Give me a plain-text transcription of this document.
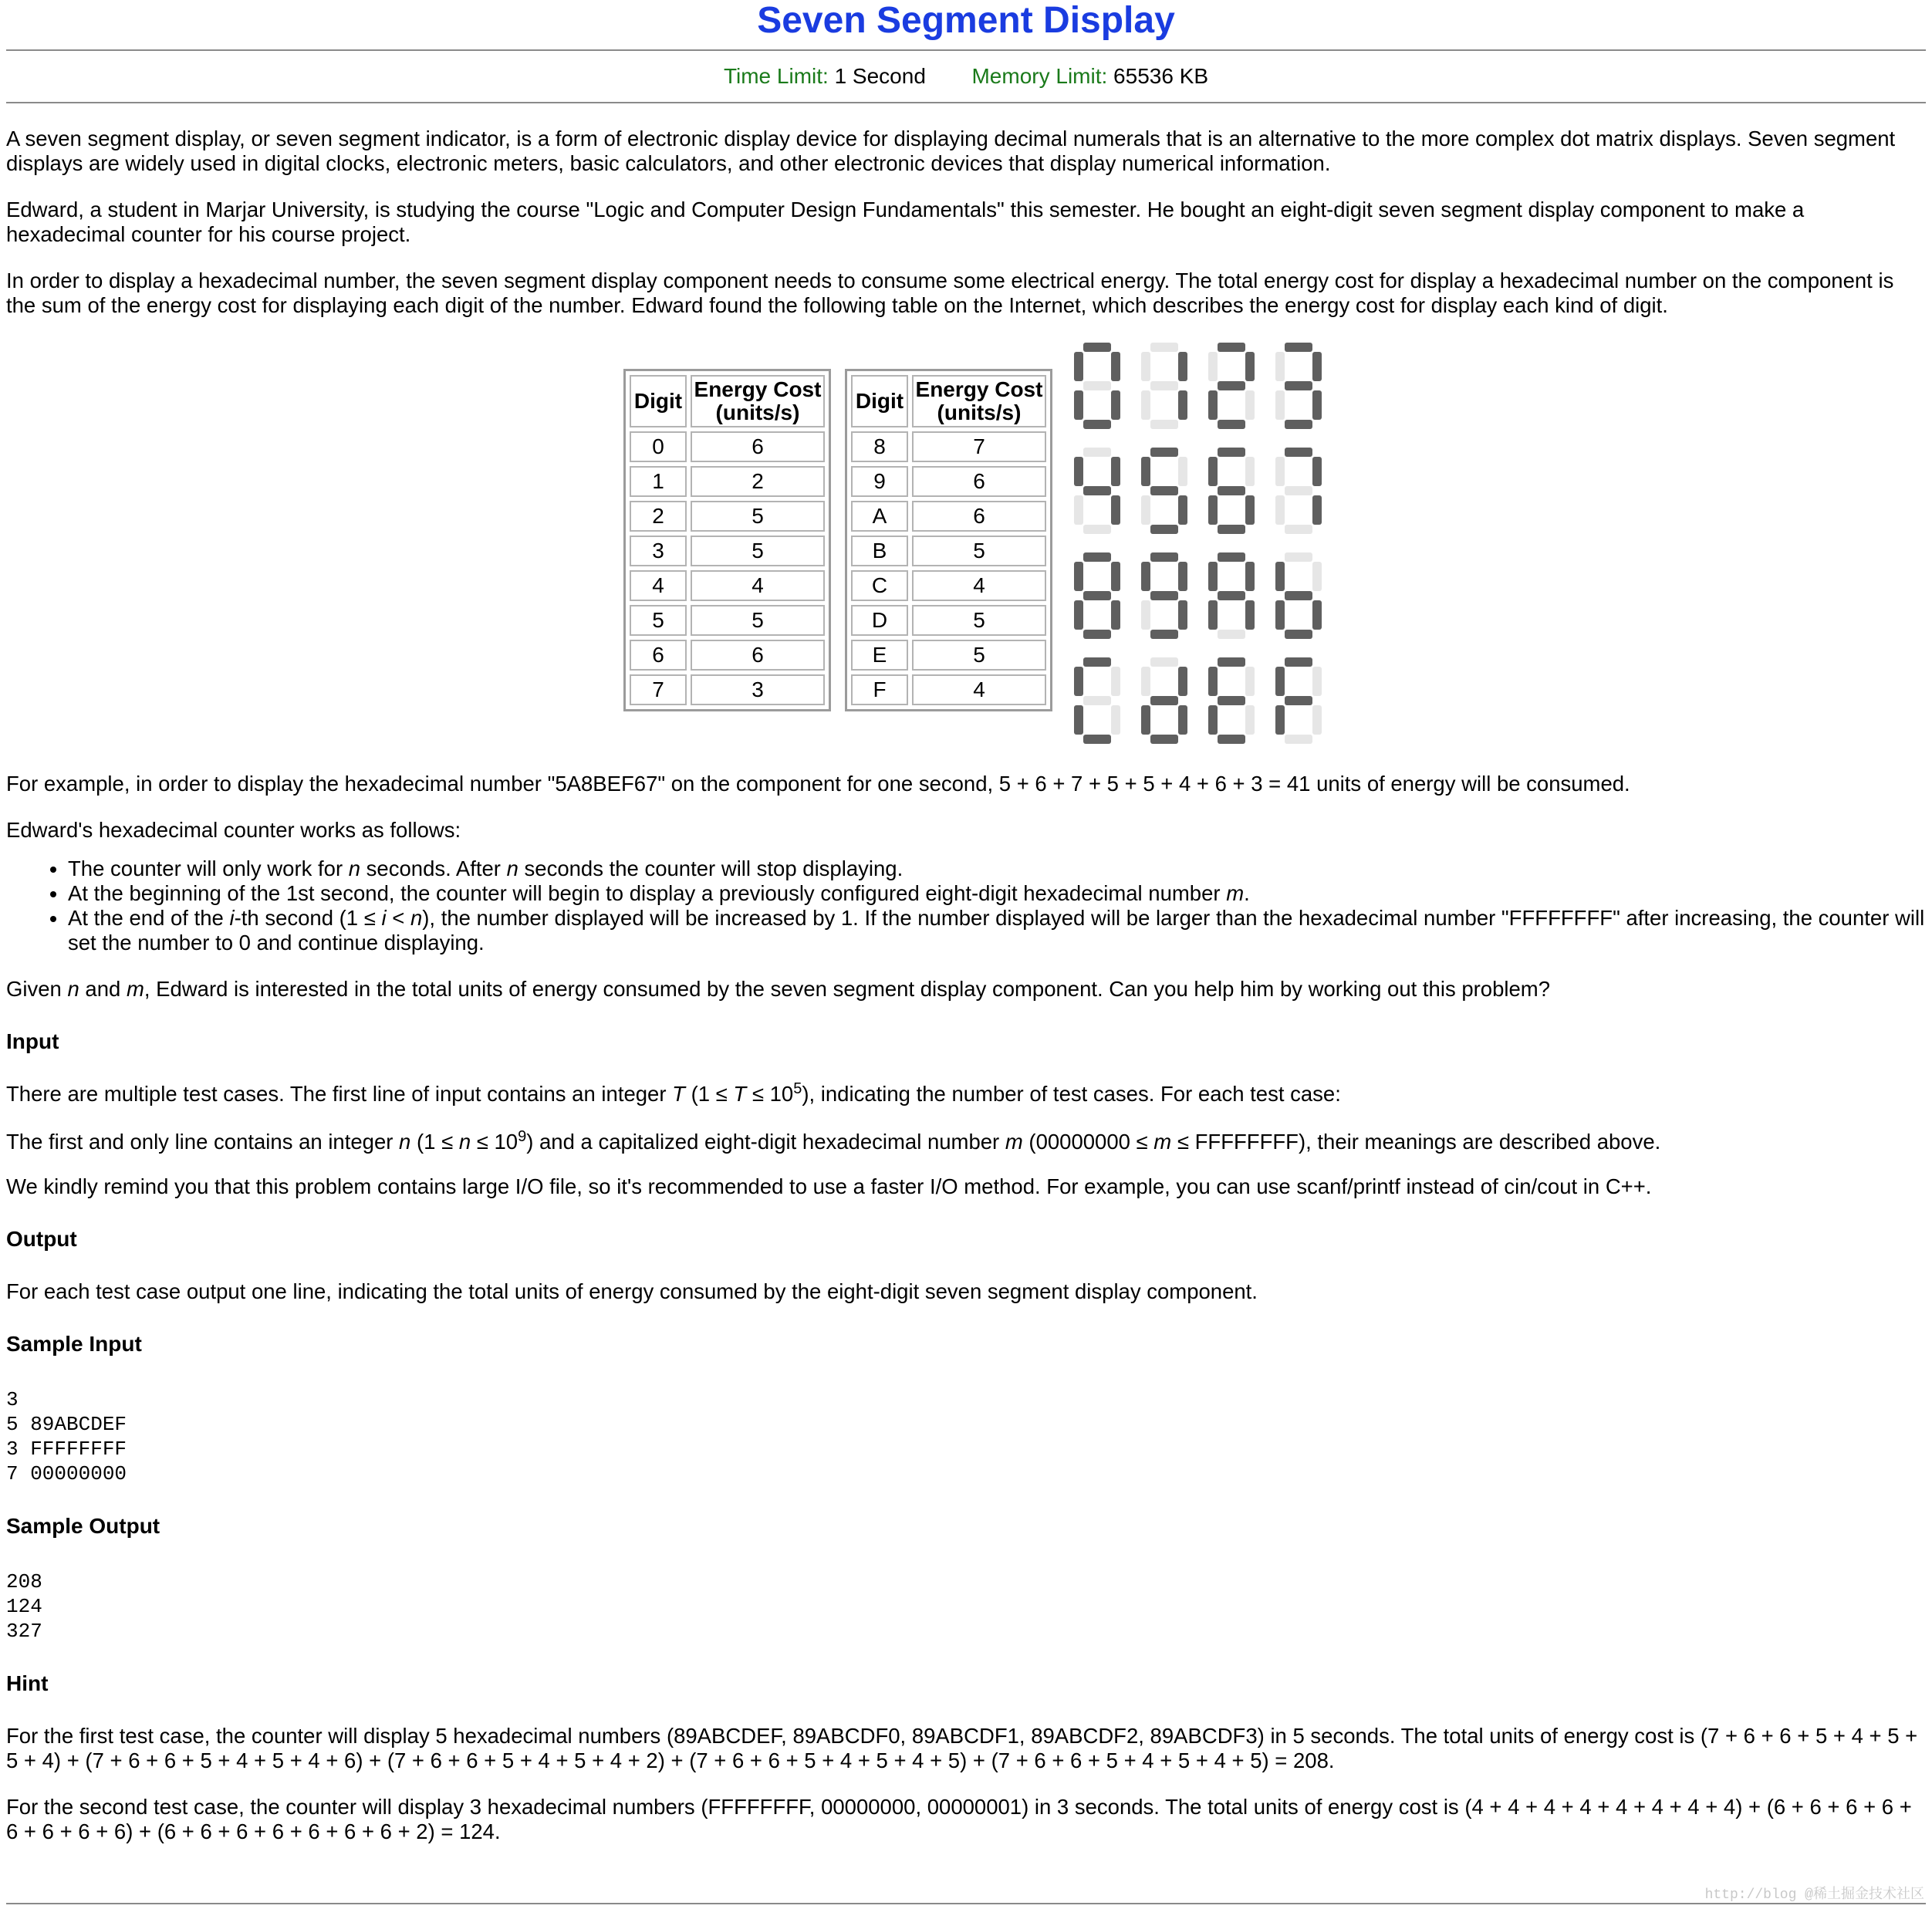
Seven Segment Display
Time Limit: 1 Second Memory Limit: 65536 KB

A seven segment display, or seven segment indicator, is a form of electronic display device for displaying decimal numerals that is an alternative to the more complex dot matrix displays. Seven segment displays are widely used in digital clocks, electronic meters, basic calculators, and other electronic devices that display numerical information.

Edward, a student in Marjar University, is studying the course "Logic and Computer Design Fundamentals" this semester. He bought an eight-digit seven segment display component to make a hexadecimal counter for his course project.

In order to display a hexadecimal number, the seven segment display component needs to consume some electrical energy. The total energy cost for display a hexadecimal number on the component is the sum of the energy cost for displaying each digit of the number. Edward found the following table on the Internet, which describes the energy cost for display each kind of digit.

Digit	Energy Cost
(units/s)
0	6
1	2
2	5
3	5
4	4
5	5
6	6
7	3
Digit	Energy Cost
(units/s)
8	7
9	6
A	6
B	5
C	4
D	5
E	5
F	4

For example, in order to display the hexadecimal number "5A8BEF67" on the component for one second, 5 + 6 + 7 + 5 + 5 + 4 + 6 + 3 = 41 units of energy will be consumed.

Edward's hexadecimal counter works as follows:

• The counter will only work for n seconds. After n seconds the counter will stop displaying.
• At the beginning of the 1st second, the counter will begin to display a previously configured eight-digit hexadecimal number m.
• At the end of the i-th second (1 ≤ i < n), the number displayed will be increased by 1. If the number displayed will be larger than the hexadecimal number "FFFFFFFF" after increasing, the counter will set the number to 0 and continue displaying.

Given n and m, Edward is interested in the total units of energy consumed by the seven segment display component. Can you help him by working out this problem?

Input

There are multiple test cases. The first line of input contains an integer T $(1 \le T \le 10^5)$, indicating the number of test cases. For each test case:

The first and only line contains an integer n $(1 \le n \le 10^9)$ and a capitalized eight-digit hexadecimal number m (00000000 ≤ m ≤ FFFFFFFF), their meanings are described above.

We kindly remind you that this problem contains large I/O file, so it's recommended to use a faster I/O method. For example, you can use scanf/printf instead of cin/cout in C++.

Output

For each test case output one line, indicating the total units of energy consumed by the eight-digit seven segment display component.

Sample Input
3
5 89ABCDEF
3 FFFFFFFF
7 00000000
Sample Output
208
124
327
Hint

For the first test case, the counter will display 5 hexadecimal numbers (89ABCDEF, 89ABCDF0, 89ABCDF1, 89ABCDF2, 89ABCDF3) in 5 seconds. The total units of energy cost is (7 + 6 + 6 + 5 + 4 + 5 + 5 + 4) + (7 + 6 + 6 + 5 + 4 + 5 + 4 + 6) + (7 + 6 + 6 + 5 + 4 + 5 + 4 + 2) + (7 + 6 + 6 + 5 + 4 + 5 + 4 + 5) + (7 + 6 + 6 + 5 + 4 + 5 + 4 + 5) = 208.

For the second test case, the counter will display 3 hexadecimal numbers (FFFFFFFF, 00000000, 00000001) in 3 seconds. The total units of energy cost is (4 + 4 + 4 + 4 + 4 + 4 + 4 + 4) + (6 + 6 + 6 + 6 + 6 + 6 + 6 + 6) + (6 + 6 + 6 + 6 + 6 + 6 + 6 + 2) = 124.

http://blog @稀土掘金技术社区
